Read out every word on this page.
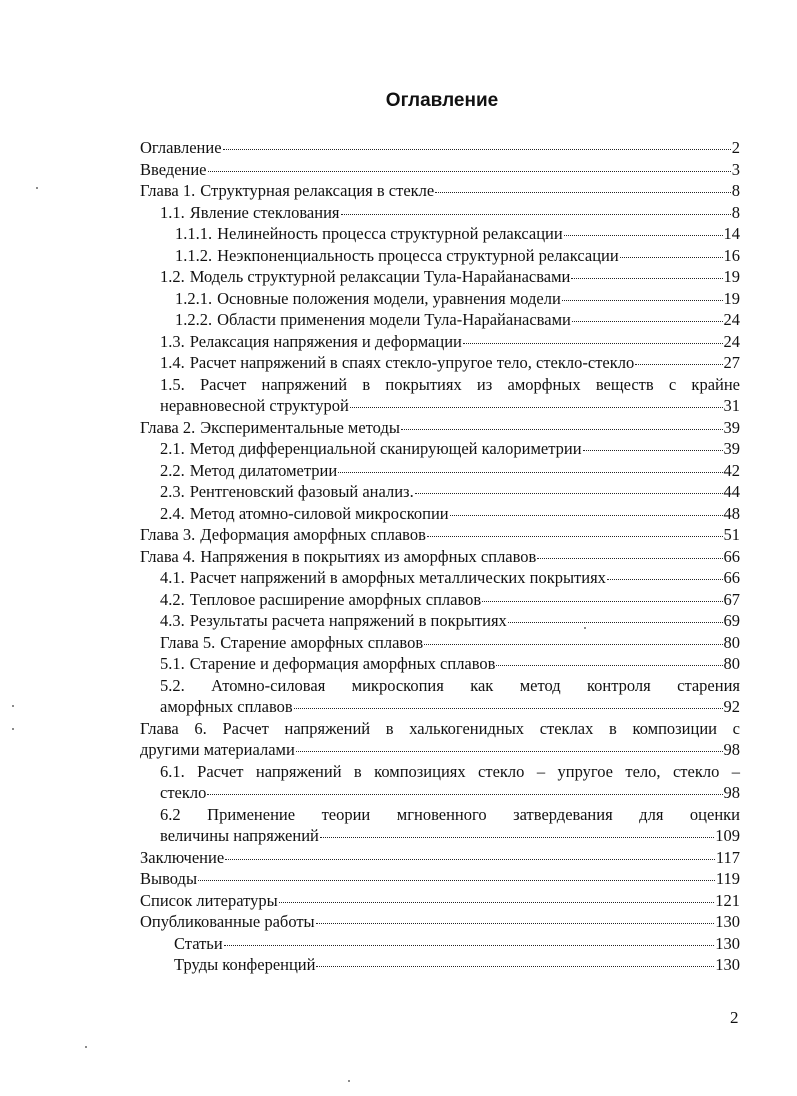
Оглавление
Оглавление	2
Введение	3
Глава 1. Структурная релаксация в стекле	8
1.1. Явление стеклования	8
1.1.1. Нелинейность процесса структурной релаксации	14
1.1.2. Неэкпоненциальность процесса структурной релаксации	16
1.2. Модель структурной релаксации Тула-Нарайанасвами	19
1.2.1. Основные положения модели, уравнения модели	19
1.2.2. Области применения модели Тула-Нарайанасвами	24
1.3. Релаксация напряжения и деформации	24
1.4. Расчет напряжений в спаях стекло-упругое тело, стекло-стекло	27
1.5. Расчет напряжений в покрытиях из аморфных веществ с крайне
неравновесной структурой	31
Глава 2. Экспериментальные методы	39
2.1. Метод дифференциальной сканирующей калориметрии	39
2.2. Метод дилатометрии	42
2.3. Рентгеновский фазовый анализ.	44
2.4. Метод атомно-силовой микроскопии	48
Глава 3. Деформация аморфных сплавов	51
Глава 4. Напряжения в покрытиях из аморфных сплавов	66
4.1. Расчет напряжений в аморфных металлических покрытиях	66
4.2. Тепловое расширение аморфных сплавов	67
4.3. Результаты расчета напряжений в покрытиях	69
Глава 5. Старение аморфных сплавов	80
5.1. Старение и деформация аморфных сплавов	80
5.2. Атомно-силовая микроскопия как метод контроля старения
аморфных сплавов	92
Глава 6. Расчет напряжений в халькогенидных стеклах в композиции с
другими материалами	98
6.1. Расчет напряжений в композициях стекло – упругое тело, стекло –
стекло	98
6.2 Применение теории мгновенного затвердевания для оценки
величины напряжений	109
Заключение	117
Выводы	119
Список литературы	121
Опубликованные работы	130
Статьи	130
Труды конференций	130
2
